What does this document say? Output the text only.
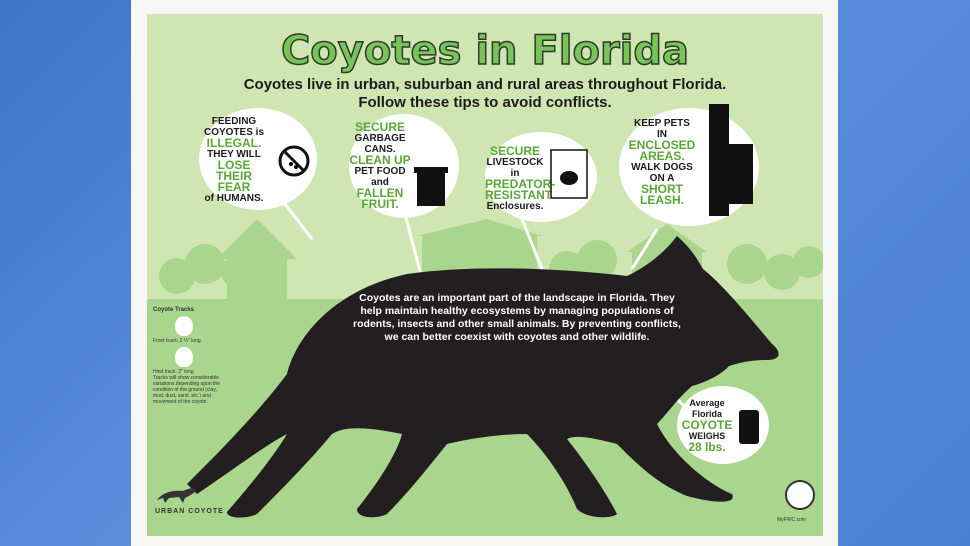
Coyotes in Florida
Coyotes live in urban, suburban and rural areas throughout Florida.
Follow these tips to avoid conflicts.
FEEDING
COYOTES is
ILLEGAL.
THEY WILL
LOSE
THEIR FEAR
of HUMANS.
SECURE
GARBAGE CANS.
CLEAN UP
PET FOOD
and
FALLEN
FRUIT.
SECURE
LIVESTOCK in
PREDATOR-
RESISTANT
Enclosures.
KEEP PETS
IN
ENCLOSED
AREAS.
WALK DOGS
ON A
SHORT
LEASH.
Average
Florida
COYOTE
WEIGHS
28 lbs.
Coyotes are an important part of the landscape in Florida. They help maintain healthy ecosystems by managing populations of rodents, insects and other small animals. By preventing conflicts, we can better coexist with coyotes and other wildlife.
Coyote Tracks
Front track: 2 ¼" long
Hind track: 2" long
Tracks will show considerable variations depending upon the condition of the ground (clay, mud, dust, sand, etc.) and movement of the coyote.
URBAN COYOTE
MyFWC.com
